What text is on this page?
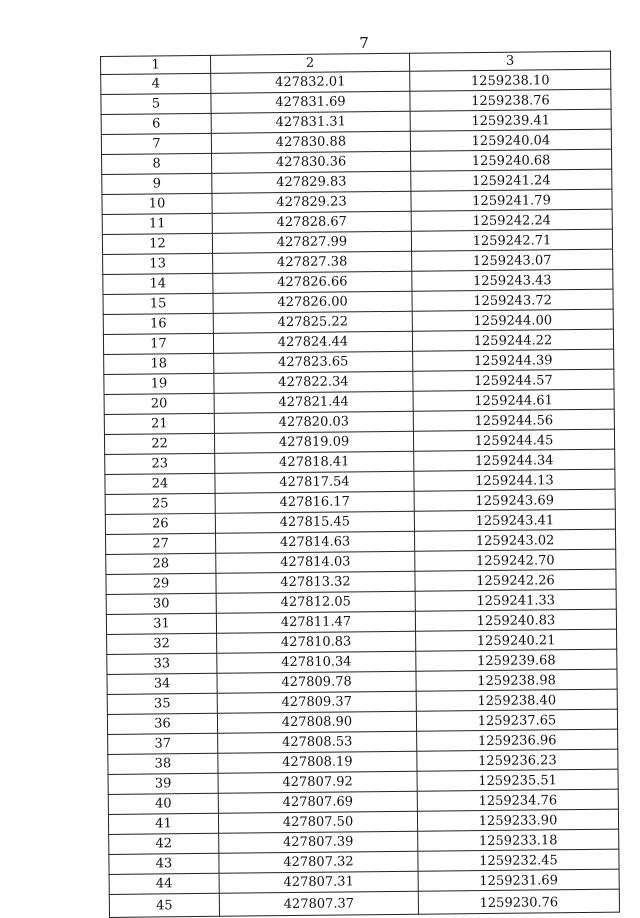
7
1	2	3
4	427832.01	1259238.10
5	427831.69	1259238.76
6	427831.31	1259239.41
7	427830.88	1259240.04
8	427830.36	1259240.68
9	427829.83	1259241.24
10	427829.23	1259241.79
11	427828.67	1259242.24
12	427827.99	1259242.71
13	427827.38	1259243.07
14	427826.66	1259243.43
15	427826.00	1259243.72
16	427825.22	1259244.00
17	427824.44	1259244.22
18	427823.65	1259244.39
19	427822.34	1259244.57
20	427821.44	1259244.61
21	427820.03	1259244.56
22	427819.09	1259244.45
23	427818.41	1259244.34
24	427817.54	1259244.13
25	427816.17	1259243.69
26	427815.45	1259243.41
27	427814.63	1259243.02
28	427814.03	1259242.70
29	427813.32	1259242.26
30	427812.05	1259241.33
31	427811.47	1259240.83
32	427810.83	1259240.21
33	427810.34	1259239.68
34	427809.78	1259238.98
35	427809.37	1259238.40
36	427808.90	1259237.65
37	427808.53	1259236.96
38	427808.19	1259236.23
39	427807.92	1259235.51
40	427807.69	1259234.76
41	427807.50	1259233.90
42	427807.39	1259233.18
43	427807.32	1259232.45
44	427807.31	1259231.69
45	427807.37	1259230.76
